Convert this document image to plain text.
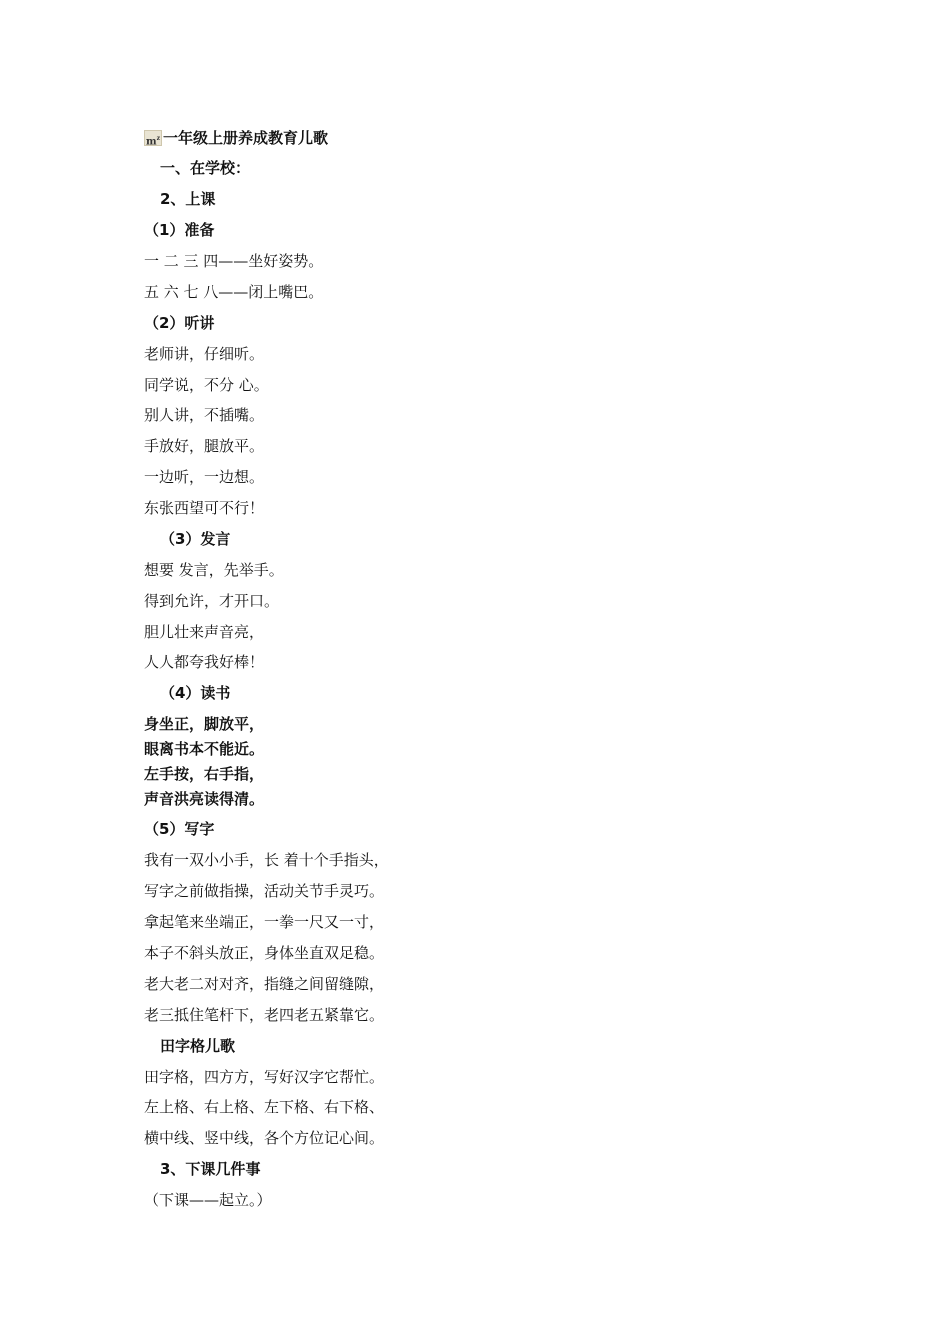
$m^z$ 一年级上册养成教育儿歌
一、在学校：
2、上课
（1）准备
一 二 三 四——坐好姿势。
五 六 七 八——闭上嘴巴。
（2）听讲
老师讲，仔细听。
同学说，不分 心。
别人讲，不插嘴。
手放好，腿放平。
一边听，一边想。
东张西望可不行！
（3）发言
想要 发言，先举手。
得到允许，才开口。
胆儿壮来声音亮，
人人都夸我好棒！
（4）读书
身坐正，脚放平，
眼离书本不能近。
左手按，右手指，
声音洪亮读得清。
（5）写字
我有一双小小手，长 着十个手指头，
写字之前做指操，活动关节手灵巧。
拿起笔来坐端正，一拳一尺又一寸，
本子不斜头放正，身体坐直双足稳。
老大老二对对齐，指缝之间留缝隙，
老三抵住笔杆下，老四老五紧靠它。
田字格儿歌
田字格，四方方，写好汉字它帮忙。
左上格、右上格、左下格、右下格、
横中线、竖中线，各个方位记心间。
3、下课几件事
（下课——起立。）
